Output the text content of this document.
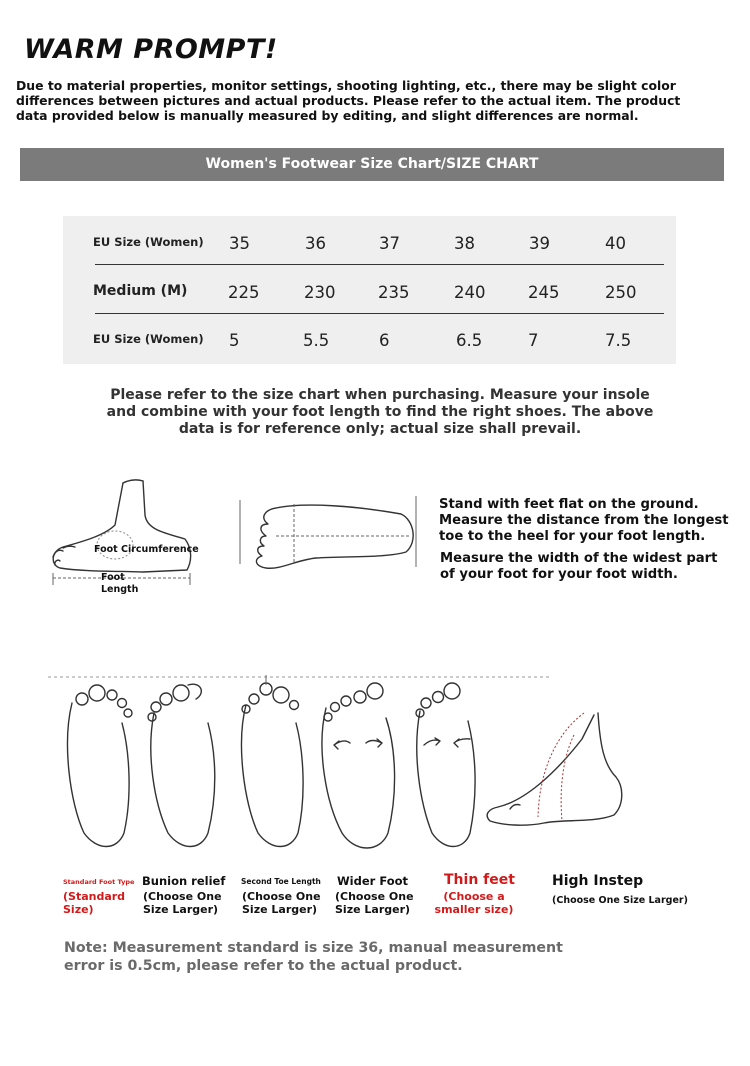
WARM PROMPT!
Due to material properties, monitor settings, shooting lighting, etc., there may be slight color differences between pictures and actual products. Please refer to the actual item. The product data provided below is manually measured by editing, and slight differences are normal.
Women's Footwear Size Chart/SIZE CHART
EU Size (Women) 35	36	37	38	39	40
Medium (M) 225	230	235	240	245	250
EU Size (Women) 5	5.5	6	6.5	7	7.5
Please refer to the size chart when purchasing. Measure your insole and combine with your foot length to find the right shoes. The above data is for reference only; actual size shall prevail.
Foot Circumference
Foot Length
Stand with feet flat on the ground. Measure the distance from the longest toe to the heel for your foot length.
Measure the width of the widest part of your foot for your foot width.
Standard Foot Type
(Standard Size)
Bunion relief
(Choose One Size Larger)
Second Toe Length
(Choose One Size Larger)
Wider Foot
(Choose One Size Larger)
Thin feet
(Choose a smaller size)
High Instep
(Choose One Size Larger)
Note: Measurement standard is size 36, manual measurement error is 0.5cm, please refer to the actual product.
